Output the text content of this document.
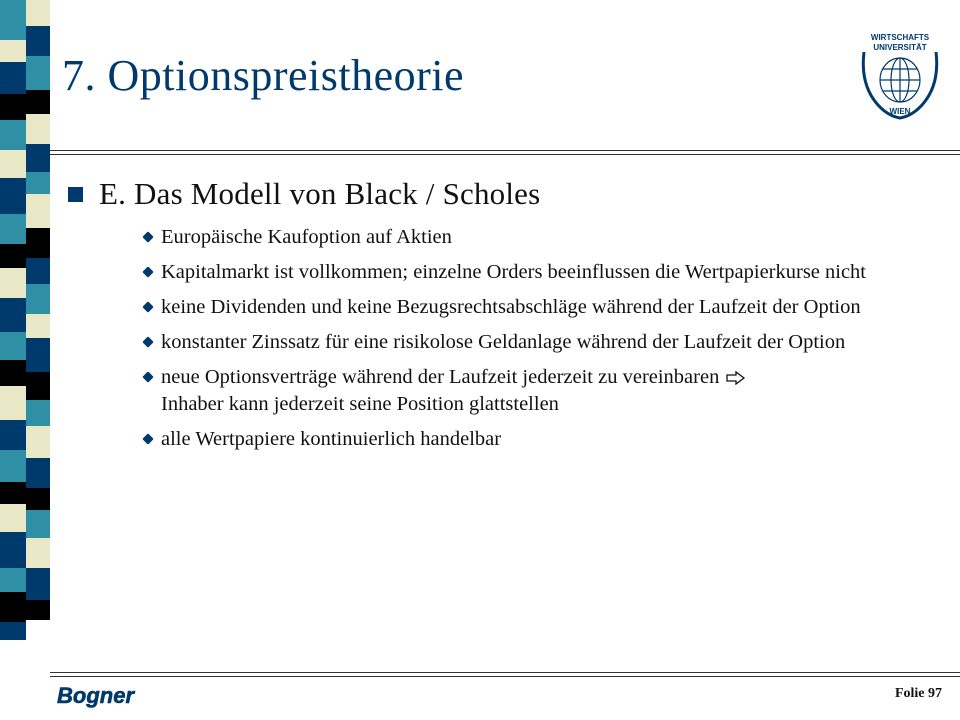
7. Optionspreistheorie
WIRTSCHAFTS
UNIVERSITÄT
WIEN
E. Das Modell von Black / Scholes
Europäische Kaufoption auf Aktien
Kapitalmarkt ist vollkommen; einzelne Orders beeinflussen die Wertpapierkurse nicht
keine Dividenden und keine Bezugsrechtsabschläge während der Laufzeit der Option
konstanter Zinssatz für eine risikolose Geldanlage während der Laufzeit der Option
neue Optionsverträge während der Laufzeit jederzeit zu vereinbaren
Inhaber kann jederzeit seine Position glattstellen
alle Wertpapiere kontinuierlich handelbar
Bogner	Folie 97
